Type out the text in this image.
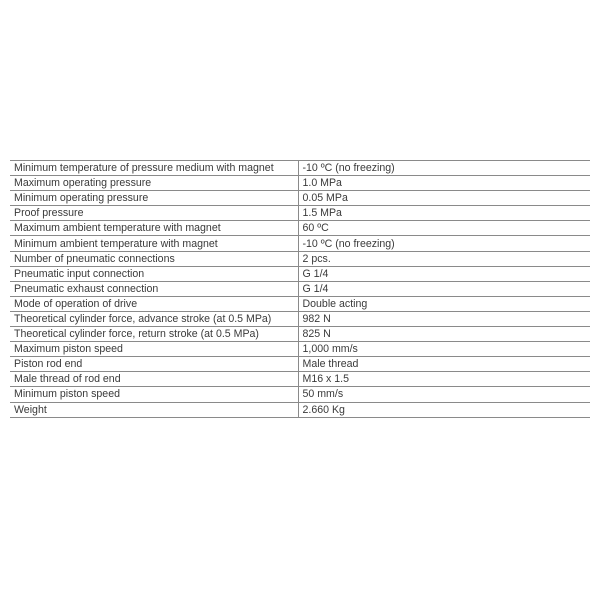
Minimum temperature of pressure medium with magnet	-10 ºC (no freezing)
Maximum operating pressure	1.0 MPa
Minimum operating pressure	0.05 MPa
Proof pressure	1.5 MPa
Maximum ambient temperature with magnet	60 ºC
Minimum ambient temperature with magnet	-10 ºC (no freezing)
Number of pneumatic connections	2 pcs.
Pneumatic input connection	G 1/4
Pneumatic exhaust connection	G 1/4
Mode of operation of drive	Double acting
Theoretical cylinder force, advance stroke (at 0.5 MPa)	982 N
Theoretical cylinder force, return stroke (at 0.5 MPa)	825 N
Maximum piston speed	1,000 mm/s
Piston rod end	Male thread
Male thread of rod end	M16 x 1.5
Minimum piston speed	50 mm/s
Weight	2.660 Kg
